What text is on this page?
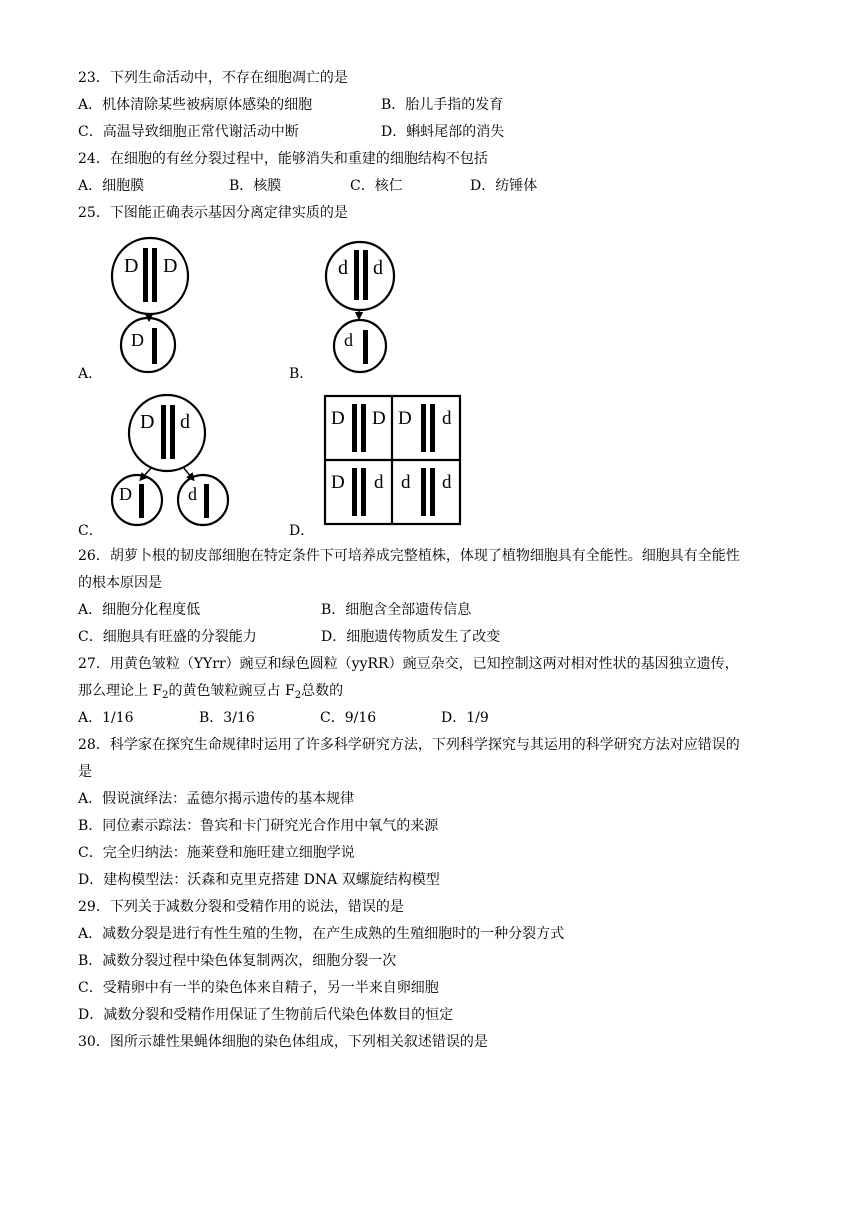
23．下列生命活动中，不存在细胞凋亡的是
A．机体清除某些被病原体感染的细胞	B．胎儿手指的发育
C．高温导致细胞正常代谢活动中断	D．蝌蚪尾部的消失
24．在细胞的有丝分裂过程中，能够消失和重建的细胞结构不包括
A．细胞膜	B．核膜	C．核仁	D．纺锤体
25．下图能正确表示基因分离定律实质的是
D D
D
d d
d
D d
D	d
D D D d
D d d d
A．	B．
C．	D．
26．胡萝卜根的韧皮部细胞在特定条件下可培养成完整植株，体现了植物细胞具有全能性。细胞具有全能性
的根本原因是
A．细胞分化程度低	B．细胞含全部遗传信息
C．细胞具有旺盛的分裂能力	D．细胞遗传物质发生了改变
27．用黄色皱粒（YYrr）豌豆和绿色圆粒（yyRR）豌豆杂交，已知控制这两对相对性状的基因独立遗传，
那么理论上 $F_2$的黄色皱粒豌豆占 $F_2$总数的
A．1/16	B．3/16	C．9/16	D．1/9
28．科学家在探究生命规律时运用了许多科学研究方法，下列科学探究与其运用的科学研究方法对应错误的
是
A．假说演绎法：孟德尔揭示遗传的基本规律
B．同位素示踪法：鲁宾和卡门研究光合作用中氧气的来源
C．完全归纳法：施莱登和施旺建立细胞学说
D．建构模型法：沃森和克里克搭建 DNA 双螺旋结构模型
29．下列关于减数分裂和受精作用的说法，错误的是
A．减数分裂是进行有性生殖的生物，在产生成熟的生殖细胞时的一种分裂方式
B．减数分裂过程中染色体复制两次，细胞分裂一次
C．受精卵中有一半的染色体来自精子，另一半来自卵细胞
D．减数分裂和受精作用保证了生物前后代染色体数目的恒定
30．图所示雄性果蝇体细胞的染色体组成，下列相关叙述错误的是
